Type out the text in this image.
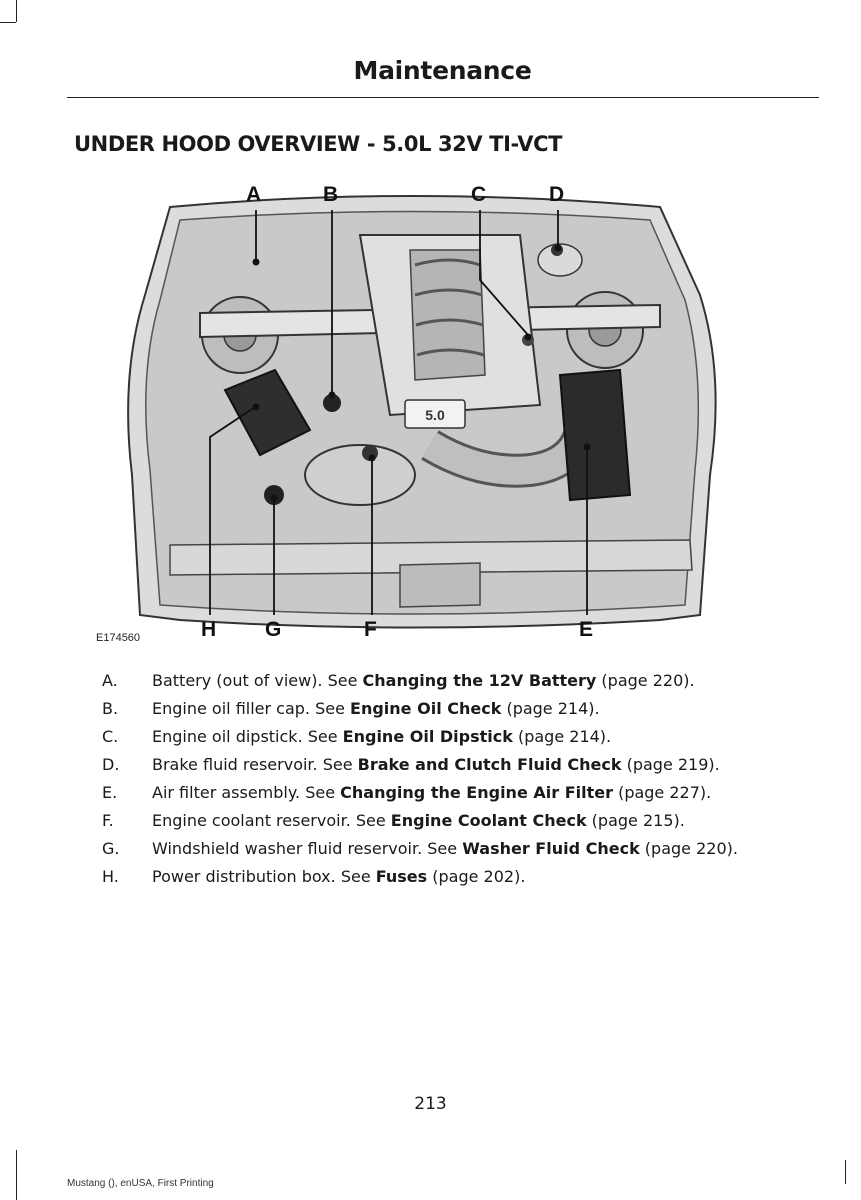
Maintenance
UNDER HOOD OVERVIEW - 5.0L 32V TI-VCT
5.0
A	B	C	D
H G	F	E
E174560
A.	Battery (out of view). See Changing the 12V Battery (page 220).
B.	Engine oil filler cap. See Engine Oil Check (page 214).
C.	Engine oil dipstick. See Engine Oil Dipstick (page 214).
D.	Brake fluid reservoir. See Brake and Clutch Fluid Check (page 219).
E.	Air filter assembly. See Changing the Engine Air Filter (page 227).
F.	Engine coolant reservoir. See Engine Coolant Check (page 215).
G.	Windshield washer fluid reservoir. See Washer Fluid Check (page 220).
H.	Power distribution box. See Fuses (page 202).
213
Mustang (), enUSA, First Printing
